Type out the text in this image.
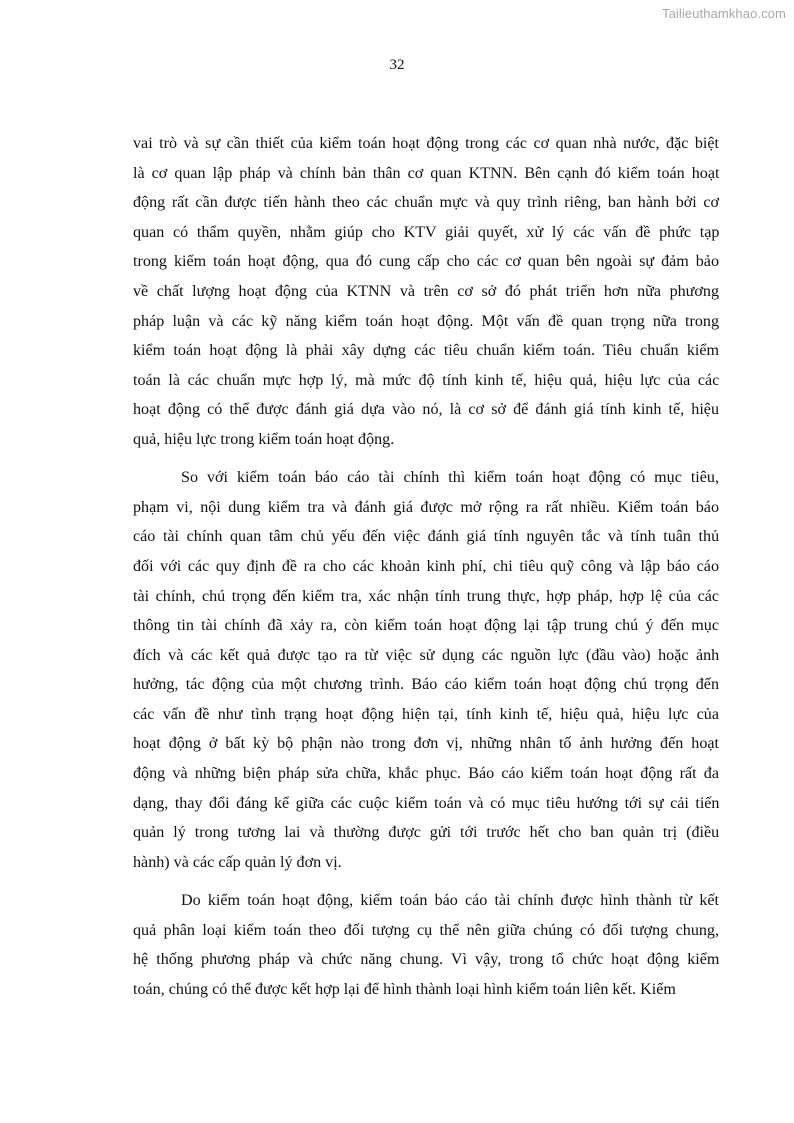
Tailieuthamkhao.com
32
vai trò và sự cần thiết của kiểm toán hoạt động trong các cơ quan nhà nước, đặc biệt
là cơ quan lập pháp và chính bản thân cơ quan KTNN. Bên cạnh đó kiểm toán hoạt
động rất cần được tiến hành theo các chuẩn mực và quy trình riêng, ban hành bởi cơ
quan có thẩm quyền, nhằm giúp cho KTV giải quyết, xử lý các vấn đề phức tạp
trong kiểm toán hoạt động, qua đó cung cấp cho các cơ quan bên ngoài sự đảm bảo
về chất lượng hoạt động của KTNN và trên cơ sở đó phát triển hơn nữa phương
pháp luận và các kỹ năng kiểm toán hoạt động. Một vấn đề quan trọng nữa trong
kiểm toán hoạt động là phải xây dựng các tiêu chuẩn kiểm toán. Tiêu chuẩn kiểm
toán là các chuẩn mực hợp lý, mà mức độ tính kinh tế, hiệu quả, hiệu lực của các
hoạt động có thể được đánh giá dựa vào nó, là cơ sở để đánh giá tính kinh tế, hiệu
quả, hiệu lực trong kiểm toán hoạt động.
So với kiểm toán báo cáo tài chính thì kiểm toán hoạt động có mục tiêu,
phạm vi, nội dung kiểm tra và đánh giá được mở rộng ra rất nhiều. Kiểm toán báo
cáo tài chính quan tâm chủ yếu đến việc đánh giá tính nguyên tắc và tính tuân thủ
đối với các quy định đề ra cho các khoản kinh phí, chi tiêu quỹ công và lập báo cáo
tài chính, chú trọng đến kiểm tra, xác nhận tính trung thực, hợp pháp, hợp lệ của các
thông tin tài chính đã xảy ra, còn kiểm toán hoạt động lại tập trung chú ý đến mục
đích và các kết quả được tạo ra từ việc sử dụng các nguồn lực (đầu vào) hoặc ảnh
hưởng, tác động của một chương trình. Báo cáo kiểm toán hoạt động chú trọng đến
các vấn đề như tình trạng hoạt động hiện tại, tính kinh tế, hiệu quả, hiệu lực của
hoạt động ở bất kỳ bộ phận nào trong đơn vị, những nhân tố ảnh hưởng đến hoạt
động và những biện pháp sửa chữa, khắc phục. Báo cáo kiểm toán hoạt động rất đa
dạng, thay đổi đáng kể giữa các cuộc kiểm toán và có mục tiêu hướng tới sự cải tiến
quản lý trong tương lai và thường được gửi tới trước hết cho ban quản trị (điều
hành) và các cấp quản lý đơn vị.
Do kiểm toán hoạt động, kiểm toán báo cáo tài chính được hình thành từ kết
quả phân loại kiểm toán theo đối tượng cụ thể nên giữa chúng có đối tượng chung,
hệ thống phương pháp và chức năng chung. Vì vậy, trong tổ chức hoạt động kiểm
toán, chúng có thể được kết hợp lại để hình thành loại hình kiểm toán liên kết. Kiểm
